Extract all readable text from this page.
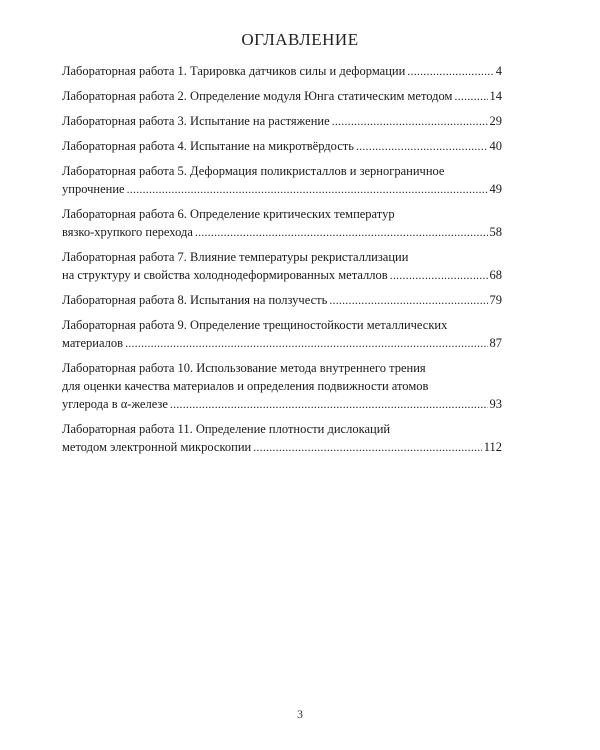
ОГЛАВЛЕНИЕ
Лабораторная работа 1. Тарировка датчиков силы и деформации . . .	4
Лабораторная работа 2. Определение модуля Юнга статическим методом . . .	14
Лабораторная работа 3. Испытание на растяжение . . .	29
Лабораторная работа 4. Испытание на микротвёрдость . . .	40
Лабораторная работа 5. Деформация поликристаллов и зернограничное
упрочнение . . .	49
Лабораторная работа 6. Определение критических температур
вязко-хрупкого перехода . . .	58
Лабораторная работа 7. Влияние температуры рекристаллизации
на структуру и свойства холоднодеформированных металлов . . .	68
Лабораторная работа 8. Испытания на ползучесть . . .	79
Лабораторная работа 9. Определение трещиностойкости металлических
материалов . . .	87
Лабораторная работа 10. Использование метода внутреннего трения
для оценки качества материалов и определения подвижности атомов
углерода в α-железе . . .	93
Лабораторная работа 11. Определение плотности дислокаций
методом электронной микроскопии . . .	112
3
